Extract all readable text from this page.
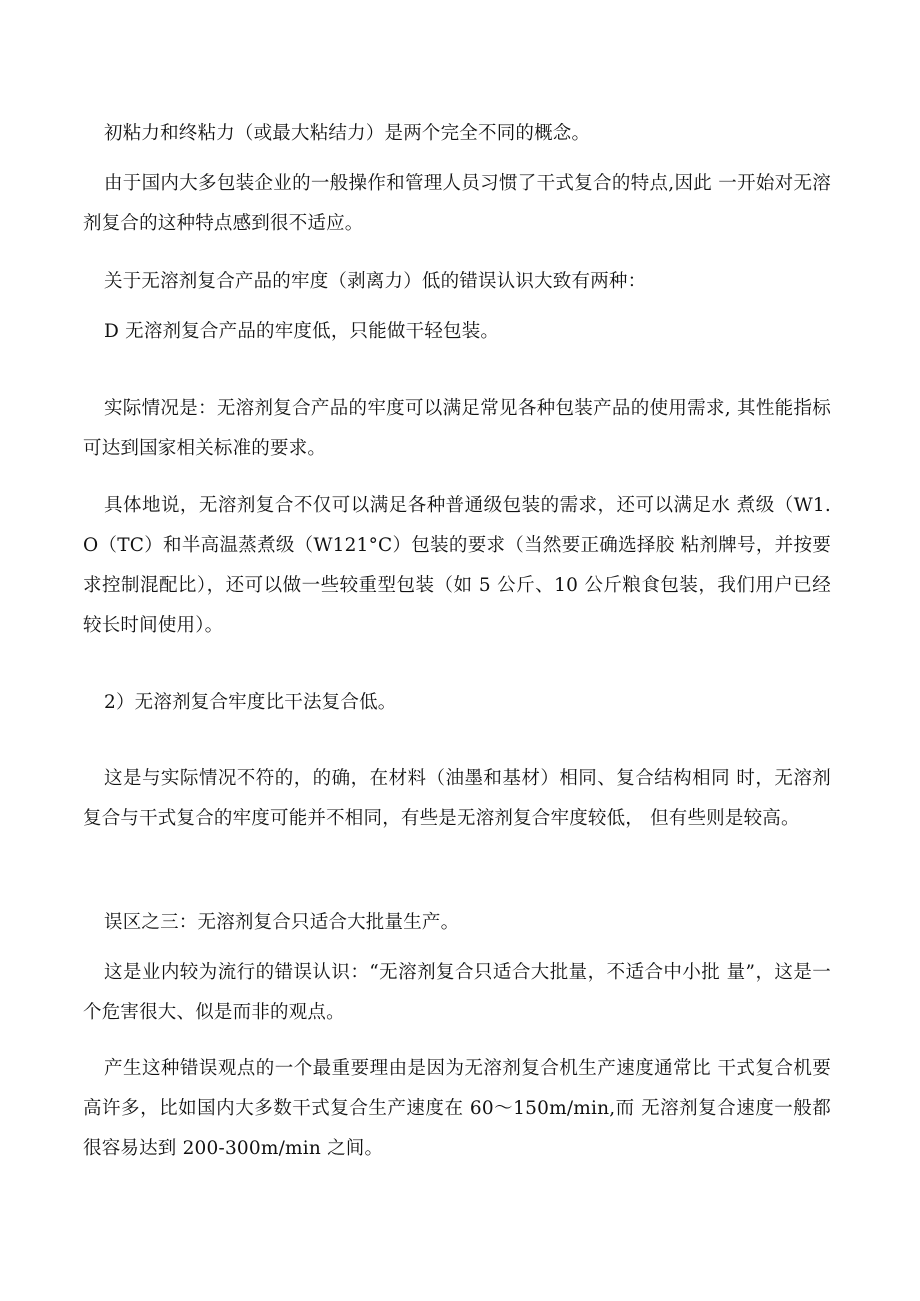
初粘力和终粘力（或最大粘结力）是两个完全不同的概念。

由于国内大多包装企业的一般操作和管理人员习惯了干式复合的特点,因此 一开始对无溶剂复合的这种特点感到很不适应。

关于无溶剂复合产品的牢度（剥离力）低的错误认识大致有两种：

D 无溶剂复合产品的牢度低，只能做干轻包装。

实际情况是：无溶剂复合产品的牢度可以满足常见各种包装产品的使用需求, 其性能指标可达到国家相关标准的要求。

具体地说，无溶剂复合不仅可以满足各种普通级包装的需求，还可以满足水 煮级（W1.O（TC）和半高温蒸煮级（W121°C）包装的要求（当然要正确选择胶 粘剂牌号，并按要求控制混配比），还可以做一些较重型包装（如 5 公斤、10 公斤粮食包装，我们用户已经较长时间使用）。

2）无溶剂复合牢度比干法复合低。

这是与实际情况不符的，的确，在材料（油墨和基材）相同、复合结构相同 时，无溶剂复合与干式复合的牢度可能并不相同，有些是无溶剂复合牢度较低， 但有些则是较高。

误区之三：无溶剂复合只适合大批量生产。

这是业内较为流行的错误认识：“无溶剂复合只适合大批量，不适合中小批 量”，这是一个危害很大、似是而非的观点。

产生这种错误观点的一个最重要理由是因为无溶剂复合机生产速度通常比 干式复合机要高许多，比如国内大多数干式复合生产速度在 60～150m∕min,而 无溶剂复合速度一般都很容易达到 200-300m∕min 之间。
